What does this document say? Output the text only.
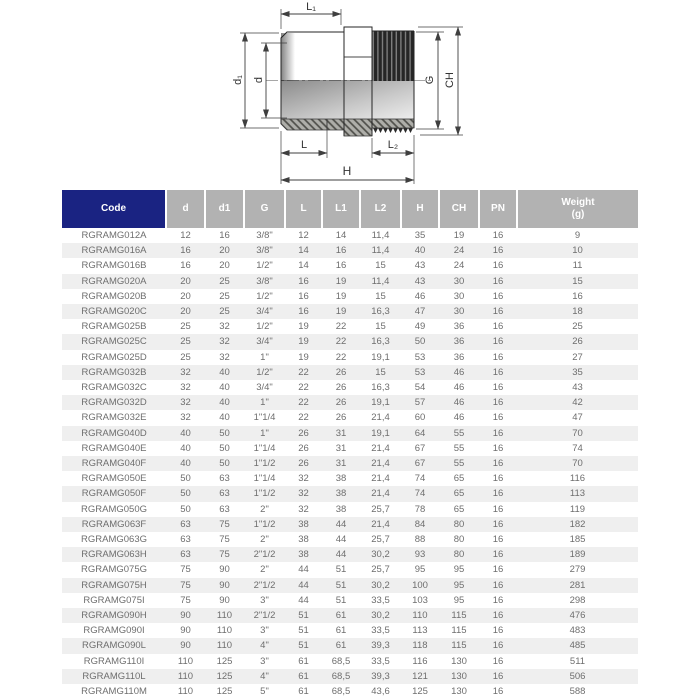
L₁
d₁ d	G CH
L	L₂
H
Code	d	d1	G	L	L1	L2	H	CH	PN	Weight
(g)

RGRAMG012A	12	16	3/8"	12	14	11,4	35	19	16	9
RGRAMG016A	16	20	3/8"	14	16	11,4	40	24	16	10
RGRAMG016B	16	20	1/2"	14	16	15	43	24	16	11
RGRAMG020A	20	25	3/8"	16	19	11,4	43	30	16	15
RGRAMG020B	20	25	1/2"	16	19	15	46	30	16	16
RGRAMG020C	20	25	3/4"	16	19	16,3	47	30	16	18
RGRAMG025B	25	32	1/2"	19	22	15	49	36	16	25
RGRAMG025C	25	32	3/4"	19	22	16,3	50	36	16	26
RGRAMG025D	25	32	1"	19	22	19,1	53	36	16	27
RGRAMG032B	32	40	1/2"	22	26	15	53	46	16	35
RGRAMG032C	32	40	3/4"	22	26	16,3	54	46	16	43
RGRAMG032D	32	40	1"	22	26	19,1	57	46	16	42
RGRAMG032E	32	40	1"1/4	22	26	21,4	60	46	16	47
RGRAMG040D	40	50	1"	26	31	19,1	64	55	16	70
RGRAMG040E	40	50	1"1/4	26	31	21,4	67	55	16	74
RGRAMG040F	40	50	1"1/2	26	31	21,4	67	55	16	70
RGRAMG050E	50	63	1"1/4	32	38	21,4	74	65	16	116
RGRAMG050F	50	63	1"1/2	32	38	21,4	74	65	16	113
RGRAMG050G	50	63	2"	32	38	25,7	78	65	16	119
RGRAMG063F	63	75	1"1/2	38	44	21,4	84	80	16	182
RGRAMG063G	63	75	2"	38	44	25,7	88	80	16	185
RGRAMG063H	63	75	2"1/2	38	44	30,2	93	80	16	189
RGRAMG075G	75	90	2"	44	51	25,7	95	95	16	279
RGRAMG075H	75	90	2"1/2	44	51	30,2	100	95	16	281
RGRAMG075I	75	90	3"	44	51	33,5	103	95	16	298
RGRAMG090H	90	110	2"1/2	51	61	30,2	110	115	16	476
RGRAMG090I	90	110	3"	51	61	33,5	113	115	16	483
RGRAMG090L	90	110	4"	51	61	39,3	118	115	16	485
RGRAMG110I	110	125	3"	61	68,5	33,5	116	130	16	511
RGRAMG110L	110	125	4"	61	68,5	39,3	121	130	16	506
RGRAMG110M	110	125	5"	61	68,5	43,6	125	130	16	588
